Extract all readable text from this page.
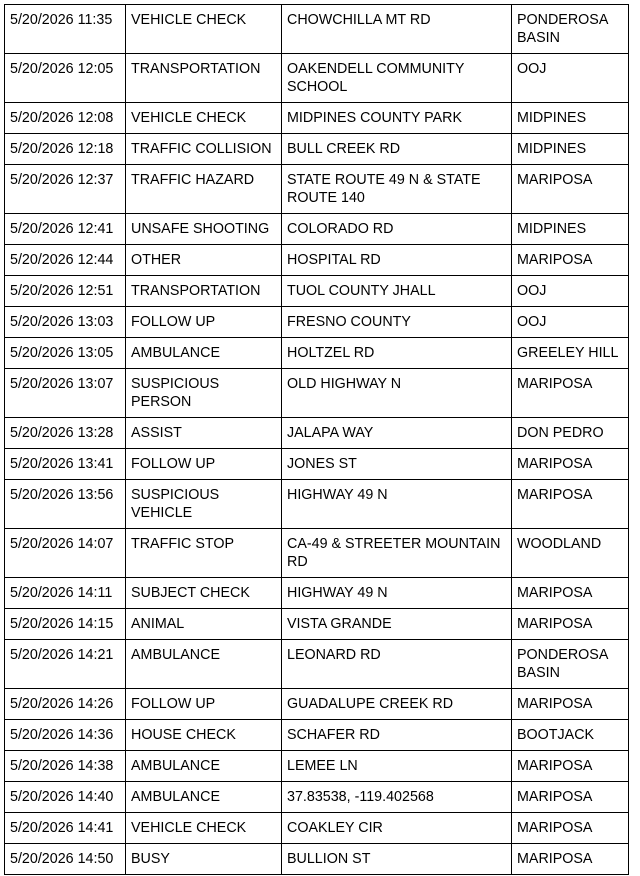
5/20/2026 11:35	VEHICLE CHECK	CHOWCHILLA MT RD	PONDEROSA BASIN
5/20/2026 12:05	TRANSPORTATION	OAKENDELL COMMUNITY SCHOOL	OOJ
5/20/2026 12:08	VEHICLE CHECK	MIDPINES COUNTY PARK	MIDPINES
5/20/2026 12:18	TRAFFIC COLLISION	BULL CREEK RD	MIDPINES
5/20/2026 12:37	TRAFFIC HAZARD	STATE ROUTE 49 N & STATE ROUTE 140	MARIPOSA
5/20/2026 12:41	UNSAFE SHOOTING	COLORADO RD	MIDPINES
5/20/2026 12:44	OTHER	HOSPITAL RD	MARIPOSA
5/20/2026 12:51	TRANSPORTATION	TUOL COUNTY JHALL	OOJ
5/20/2026 13:03	FOLLOW UP	FRESNO COUNTY	OOJ
5/20/2026 13:05	AMBULANCE	HOLTZEL RD	GREELEY HILL
5/20/2026 13:07	SUSPICIOUS PERSON	OLD HIGHWAY N	MARIPOSA
5/20/2026 13:28	ASSIST	JALAPA WAY	DON PEDRO
5/20/2026 13:41	FOLLOW UP	JONES ST	MARIPOSA
5/20/2026 13:56	SUSPICIOUS VEHICLE	HIGHWAY 49 N	MARIPOSA
5/20/2026 14:07	TRAFFIC STOP	CA-49 & STREETER MOUNTAIN RD	WOODLAND
5/20/2026 14:11	SUBJECT CHECK	HIGHWAY 49 N	MARIPOSA
5/20/2026 14:15	ANIMAL	VISTA GRANDE	MARIPOSA
5/20/2026 14:21	AMBULANCE	LEONARD RD	PONDEROSA BASIN
5/20/2026 14:26	FOLLOW UP	GUADALUPE CREEK RD	MARIPOSA
5/20/2026 14:36	HOUSE CHECK	SCHAFER RD	BOOTJACK
5/20/2026 14:38	AMBULANCE	LEMEE LN	MARIPOSA
5/20/2026 14:40	AMBULANCE	37.83538, -119.402568	MARIPOSA
5/20/2026 14:41	VEHICLE CHECK	COAKLEY CIR	MARIPOSA
5/20/2026 14:50	BUSY	BULLION ST	MARIPOSA
